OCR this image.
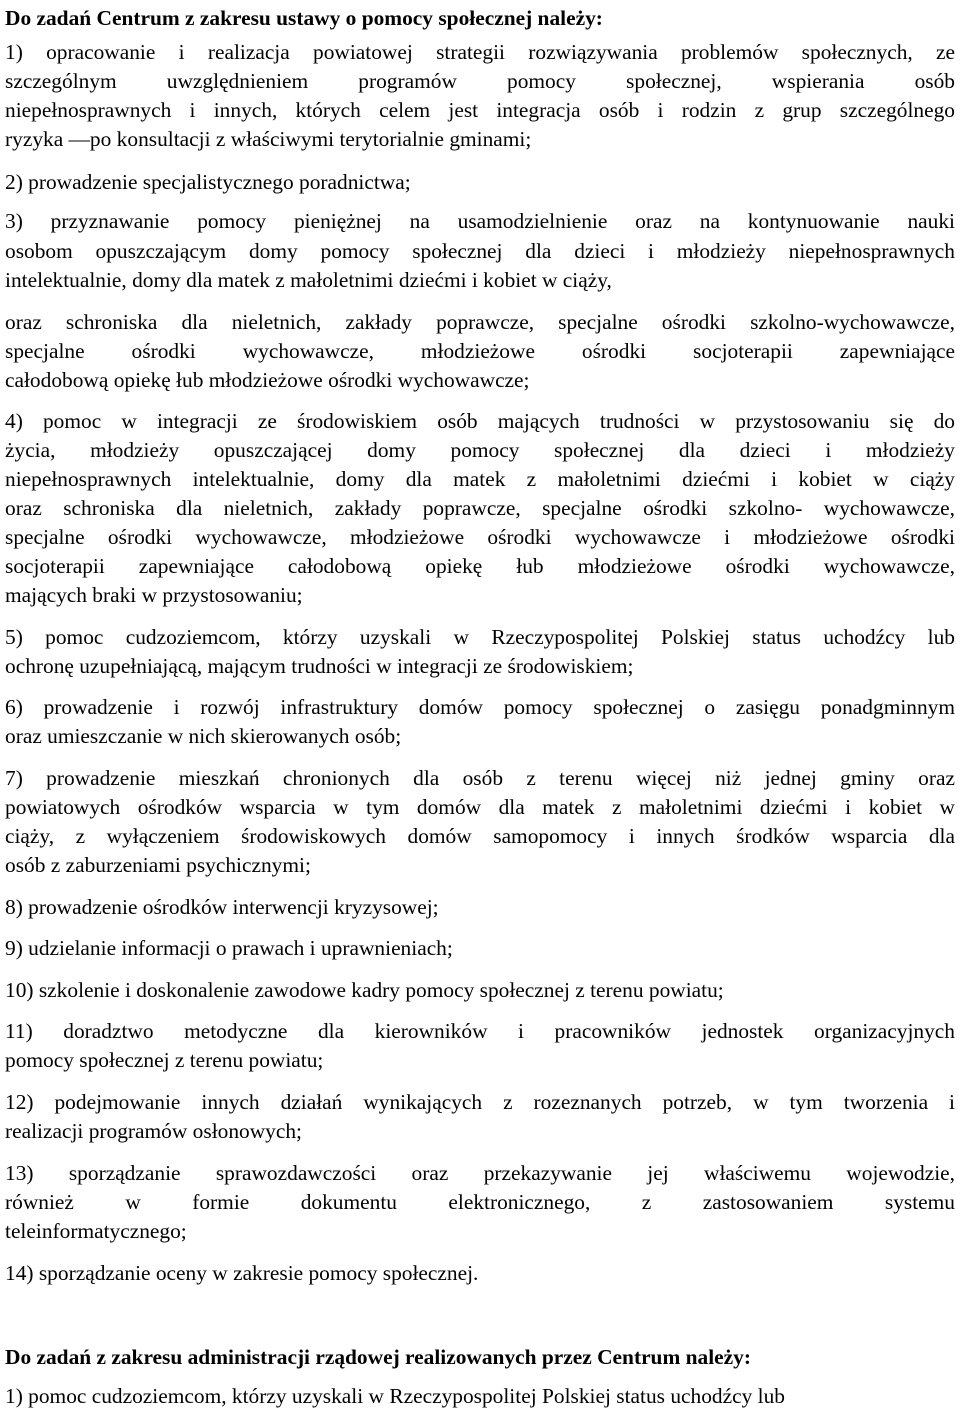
Do zadań Centrum z zakresu ustawy o pomocy społecznej należy:

1) opracowanie i realizacja powiatowej strategii rozwiązywania problemów społecznych, ze

szczególnym uwzględnieniem programów pomocy społecznej, wspierania osób

niepełnosprawnych i innych, których celem jest integracja osób i rodzin z grup szczególnego

ryzyka —po konsultacji z właściwymi terytorialnie gminami;

2) prowadzenie specjalistycznego poradnictwa;

3) przyznawanie pomocy pieniężnej na usamodzielnienie oraz na kontynuowanie nauki

osobom opuszczającym domy pomocy społecznej dla dzieci i młodzieży niepełnosprawnych

intelektualnie, domy dla matek z małoletnimi dziećmi i kobiet w ciąży,

oraz schroniska dla nieletnich, zakłady poprawcze, specjalne ośrodki szkolno-wychowawcze,

specjalne ośrodki wychowawcze, młodzieżowe ośrodki socjoterapii zapewniające

całodobową opiekę łub młodzieżowe ośrodki wychowawcze;

4) pomoc w integracji ze środowiskiem osób mających trudności w przystosowaniu się do

życia, młodzieży opuszczającej domy pomocy społecznej dla dzieci i młodzieży

niepełnosprawnych intelektualnie, domy dla matek z małoletnimi dziećmi i kobiet w ciąży

oraz schroniska dla nieletnich, zakłady poprawcze, specjalne ośrodki szkolno- wychowawcze,

specjalne ośrodki wychowawcze, młodzieżowe ośrodki wychowawcze i młodzieżowe ośrodki

socjoterapii zapewniające całodobową opiekę łub młodzieżowe ośrodki wychowawcze,

mających braki w przystosowaniu;

5) pomoc cudzoziemcom, którzy uzyskali w Rzeczypospolitej Polskiej status uchodźcy lub

ochronę uzupełniającą, mającym trudności w integracji ze środowiskiem;

6) prowadzenie i rozwój infrastruktury domów pomocy społecznej o zasięgu ponadgminnym

oraz umieszczanie w nich skierowanych osób;

7) prowadzenie mieszkań chronionych dla osób z terenu więcej niż jednej gminy oraz

powiatowych ośrodków wsparcia w tym domów dla matek z małoletnimi dziećmi i kobiet w

ciąży, z wyłączeniem środowiskowych domów samopomocy i innych środków wsparcia dla

osób z zaburzeniami psychicznymi;

8) prowadzenie ośrodków interwencji kryzysowej;

9) udzielanie informacji o prawach i uprawnieniach;

10) szkolenie i doskonalenie zawodowe kadry pomocy społecznej z terenu powiatu;

11) doradztwo metodyczne dla kierowników i pracowników jednostek organizacyjnych

pomocy społecznej z terenu powiatu;

12) podejmowanie innych działań wynikających z rozeznanych potrzeb, w tym tworzenia i

realizacji programów osłonowych;

13) sporządzanie sprawozdawczości oraz przekazywanie jej właściwemu wojewodzie,

również w formie dokumentu elektronicznego, z zastosowaniem systemu

teleinformatycznego;

14) sporządzanie oceny w zakresie pomocy społecznej.

Do zadań z zakresu administracji rządowej realizowanych przez Centrum należy:

1) pomoc cudzoziemcom, którzy uzyskali w Rzeczypospolitej Polskiej status uchodźcy lub
